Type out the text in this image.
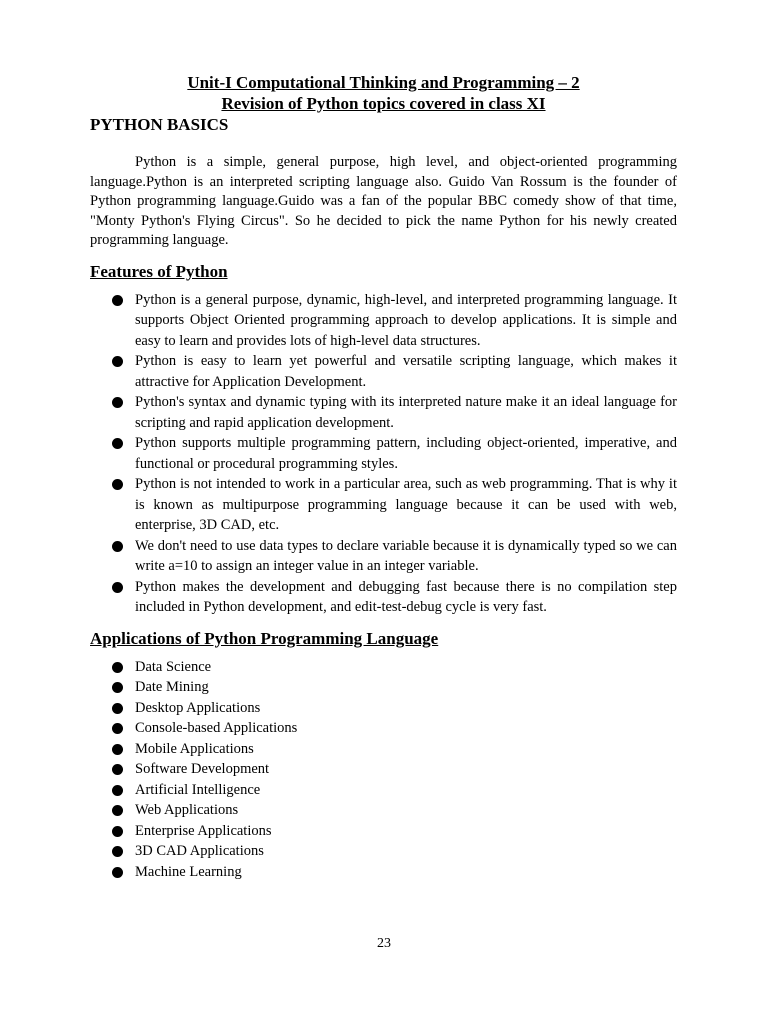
Unit-I Computational Thinking and Programming – 2

Revision of Python topics covered in class XI

PYTHON BASICS

Python is a simple, general purpose, high level, and object-oriented programming language.Python is an interpreted scripting language also. Guido Van Rossum is the founder of Python programming language.Guido was a fan of the popular BBC comedy show of that time, "Monty Python's Flying Circus". So he decided to pick the name Python for his newly created programming language.

Features of Python
Python is a general purpose, dynamic, high-level, and interpreted programming language. It supports Object Oriented programming approach to develop applications. It is simple and easy to learn and provides lots of high-level data structures.
Python is easy to learn yet powerful and versatile scripting language, which makes it attractive for Application Development.
Python's syntax and dynamic typing with its interpreted nature make it an ideal language for scripting and rapid application development.
Python supports multiple programming pattern, including object-oriented, imperative, and functional or procedural programming styles.
Python is not intended to work in a particular area, such as web programming. That is why it is known as multipurpose programming language because it can be used with web, enterprise, 3D CAD, etc.
We don't need to use data types to declare variable because it is dynamically typed so we can write a=10 to assign an integer value in an integer variable.
Python makes the development and debugging fast because there is no compilation step included in Python development, and edit-test-debug cycle is very fast.
Applications of Python Programming Language
Data Science
Date Mining
Desktop Applications
Console-based Applications
Mobile Applications
Software Development
Artificial Intelligence
Web Applications
Enterprise Applications
3D CAD Applications
Machine Learning
23
